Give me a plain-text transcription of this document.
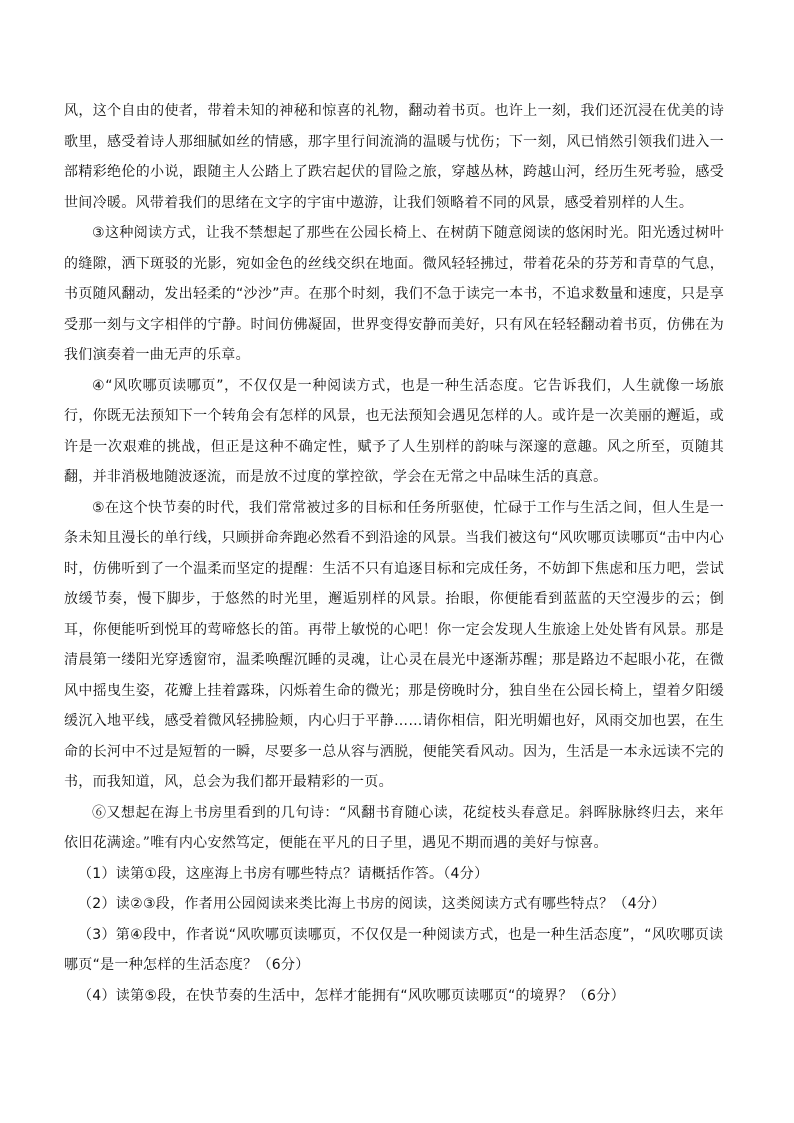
风，这个自由的使者，带着未知的神秘和惊喜的礼物，翻动着书页。也许上一刻，我们还沉浸在优美的诗歌里，感受着诗人那细腻如丝的情感，那字里行间流淌的温暖与忧伤；下一刻，风已悄然引领我们进入一部精彩绝伦的小说，跟随主人公踏上了跌宕起伏的冒险之旅，穿越丛林，跨越山河，经历生死考验，感受世间冷暖。风带着我们的思绪在文字的宇宙中遨游，让我们领略着不同的风景，感受着别样的人生。

③这种阅读方式，让我不禁想起了那些在公园长椅上、在树荫下随意阅读的悠闲时光。阳光透过树叶的缝隙，洒下斑驳的光影，宛如金色的丝线交织在地面。微风轻轻拂过，带着花朵的芬芳和青草的气息，书页随风翻动，发出轻柔的“沙沙”声。在那个时刻，我们不急于读完一本书，不追求数量和速度，只是享受那一刻与文字相伴的宁静。时间仿佛凝固，世界变得安静而美好，只有风在轻轻翻动着书页，仿佛在为我们演奏着一曲无声的乐章。

④“风吹哪页读哪页”，不仅仅是一种阅读方式，也是一种生活态度。它告诉我们，人生就像一场旅行，你既无法预知下一个转角会有怎样的风景，也无法预知会遇见怎样的人。或许是一次美丽的邂逅，或许是一次艰难的挑战，但正是这种不确定性，赋予了人生别样的韵味与深邃的意趣。风之所至，页随其翻，并非消极地随波逐流，而是放不过度的掌控欲，学会在无常之中品味生活的真意。

⑤在这个快节奏的时代，我们常常被过多的目标和任务所驱使，忙碌于工作与生活之间，但人生是一条未知且漫长的单行线，只顾拼命奔跑必然看不到沿途的风景。当我们被这句“风吹哪页读哪页“击中内心时，仿佛听到了一个温柔而坚定的提醒：生活不只有追逐目标和完成任务，不妨卸下焦虑和压力吧，尝试放缓节奏，慢下脚步，于悠然的时光里，邂逅别样的风景。抬眼，你便能看到蓝蓝的天空漫步的云；倒耳，你便能听到悦耳的莺啼悠长的笛。再带上敏悦的心吧！你一定会发现人生旅途上处处皆有风景。那是清晨第一缕阳光穿透窗帘，温柔唤醒沉睡的灵魂，让心灵在晨光中逐渐苏醒；那是路边不起眼小花，在微风中摇曳生姿，花瓣上挂着露珠，闪烁着生命的微光；那是傍晚时分，独自坐在公园长椅上，望着夕阳缓缓沉入地平线，感受着微风轻拂脸颊，内心归于平静……请你相信，阳光明媚也好，风雨交加也罢，在生命的长河中不过是短暂的一瞬，尽要多一总从容与洒脱，便能笑看风动。因为，生活是一本永远读不完的书，而我知道，风，总会为我们都开最精彩的一页。

⑥又想起在海上书房里看到的几句诗：“风翻书育随心读，花绽枝头春意足。斜晖脉脉终归去，来年依旧花满途。”唯有内心安然笃定，便能在平凡的日子里，遇见不期而遇的美好与惊喜。

（1）读第①段，这座海上书房有哪些特点？请概括作答。（4分）

（2）读②③段，作者用公园阅读来类比海上书房的阅读，这类阅读方式有哪些特点？（4分）

（3）第④段中，作者说“风吹哪页读哪页，不仅仅是一种阅读方式，也是一种生活态度”，“风吹哪页读哪页“是一种怎样的生活态度？（6分）

（4）读第⑤段，在快节奏的生活中，怎样才能拥有“风吹哪页读哪页“的境界？（6分）
